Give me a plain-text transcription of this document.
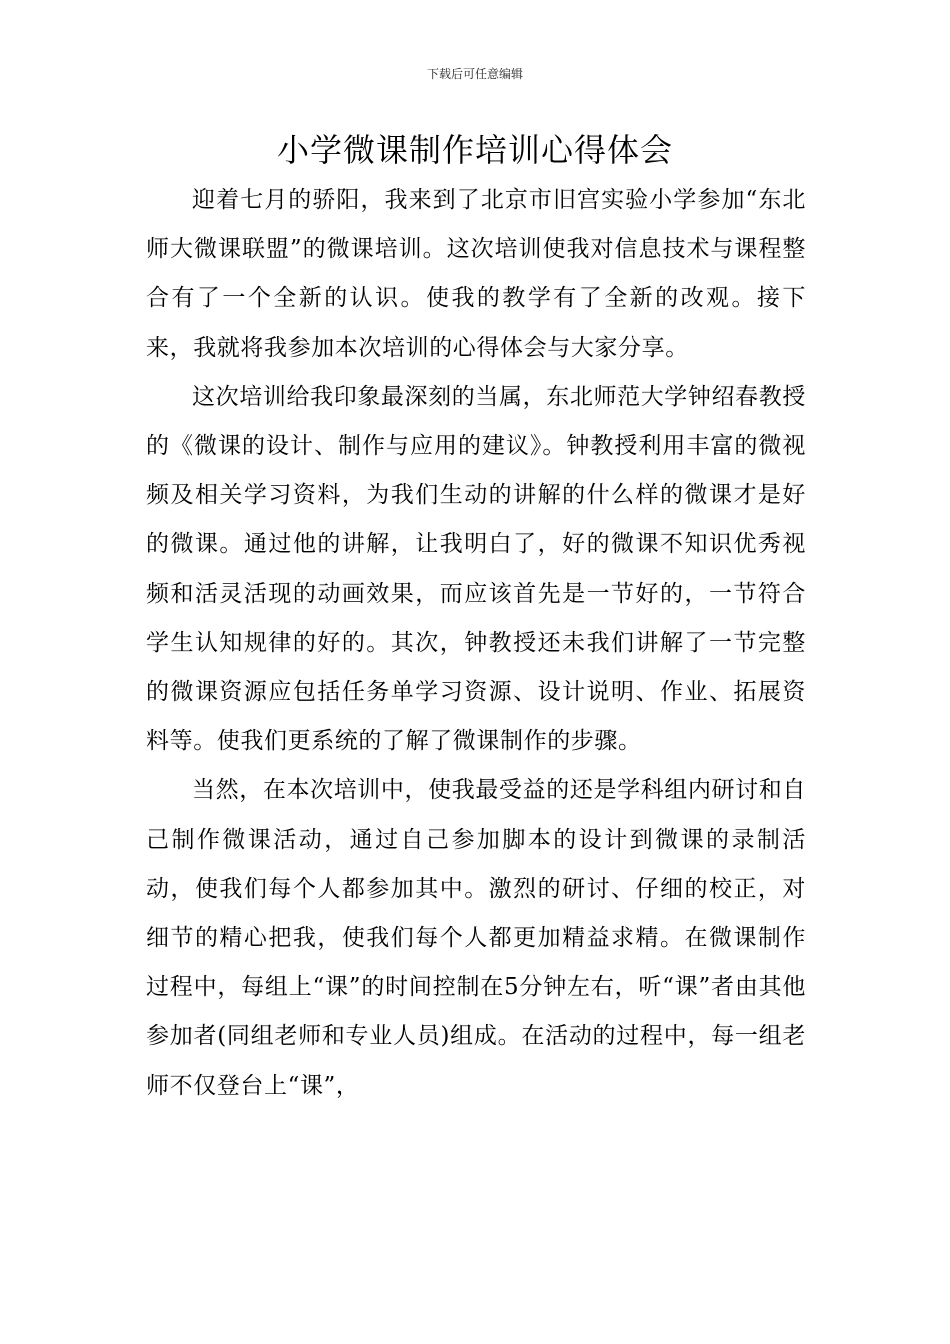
下载后可任意编辑
小学微课制作培训心得体会

迎着七月的骄阳，我来到了北京市旧宫实验小学参加“东北师大微课联盟”的微课培训。这次培训使我对信息技术与课程整合有了一个全新的认识。使我的教学有了全新的改观。接下来，我就将我参加本次培训的心得体会与大家分享。

这次培训给我印象最深刻的当属，东北师范大学钟绍春教授的《微课的设计、制作与应用的建议》。钟教授利用丰富的微视频及相关学习资料，为我们生动的讲解的什么样的微课才是好的微课。通过他的讲解，让我明白了，好的微课不知识优秀视频和活灵活现的动画效果，而应该首先是一节好的，一节符合学生认知规律的好的。其次，钟教授还未我们讲解了一节完整的微课资源应包括任务单学习资源、设计说明、作业、拓展资料等。使我们更系统的了解了微课制作的步骤。

当然，在本次培训中，使我最受益的还是学科组内研讨和自己制作微课活动，通过自己参加脚本的设计到微课的录制活动，使我们每个人都参加其中。激烈的研讨、仔细的校正，对细节的精心把我，使我们每个人都更加精益求精。在微课制作过程中，每组上“课”的时间控制在5分钟左右，听“课”者由其他参加者(同组老师和专业人员)组成。在活动的过程中，每一组老师不仅登台上“课”，
